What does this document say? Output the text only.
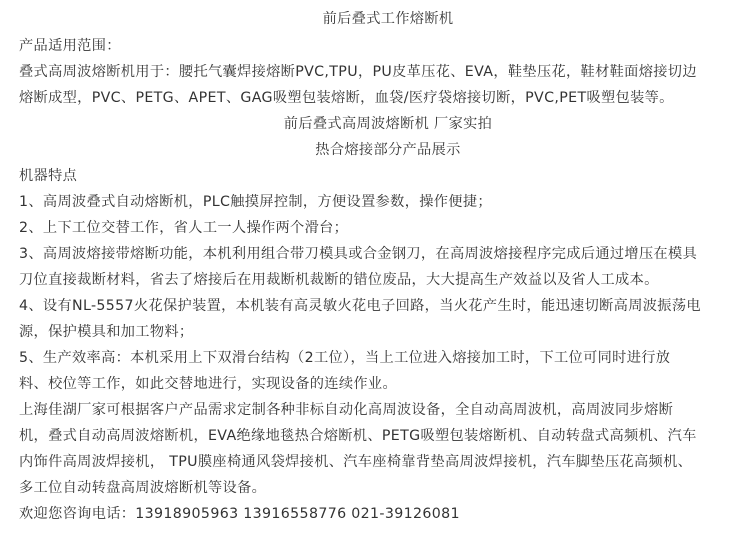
前后叠式工作熔断机
产品适用范围：
叠式高周波熔断机用于：腰托气囊焊接熔断PVC,TPU，PU皮革压花、EVA，鞋垫压花，鞋材鞋面熔接切边
熔断成型，PVC、PETG、APET、GAG吸塑包装熔断，血袋/医疗袋熔接切断，PVC,PET吸塑包装等。
前后叠式高周波熔断机 厂家实拍
热合熔接部分产品展示
机器特点
1、高周波叠式自动熔断机，PLC触摸屏控制，方便设置参数，操作便捷；
2、上下工位交替工作，省人工一人操作两个滑台；
3、高周波熔接带熔断功能，本机利用组合带刀模具或合金钢刀，在高周波熔接程序完成后通过增压在模具
刀位直接裁断材料，省去了熔接后在用裁断机裁断的错位废品，大大提高生产效益以及省人工成本。
4、设有NL-5557火花保护装置，本机装有高灵敏火花电子回路，当火花产生时，能迅速切断高周波振荡电
源，保护模具和加工物料；
5、生产效率高：本机采用上下双滑台结构（2工位），当上工位进入熔接加工时，下工位可同时进行放
料、校位等工作，如此交替地进行，实现设备的连续作业。
上海佳湖厂家可根据客户产品需求定制各种非标自动化高周波设备，全自动高周波机，高周波同步熔断
机，叠式自动高周波熔断机，EVA绝缘地毯热合熔断机、PETG吸塑包装熔断机、自动转盘式高频机、汽车
内饰件高周波焊接机， TPU膜座椅通风袋焊接机、汽车座椅靠背垫高周波焊接机，汽车脚垫压花高频机、
多工位自动转盘高周波熔断机等设备。
欢迎您咨询电话：13918905963 13916558776 021-39126081
